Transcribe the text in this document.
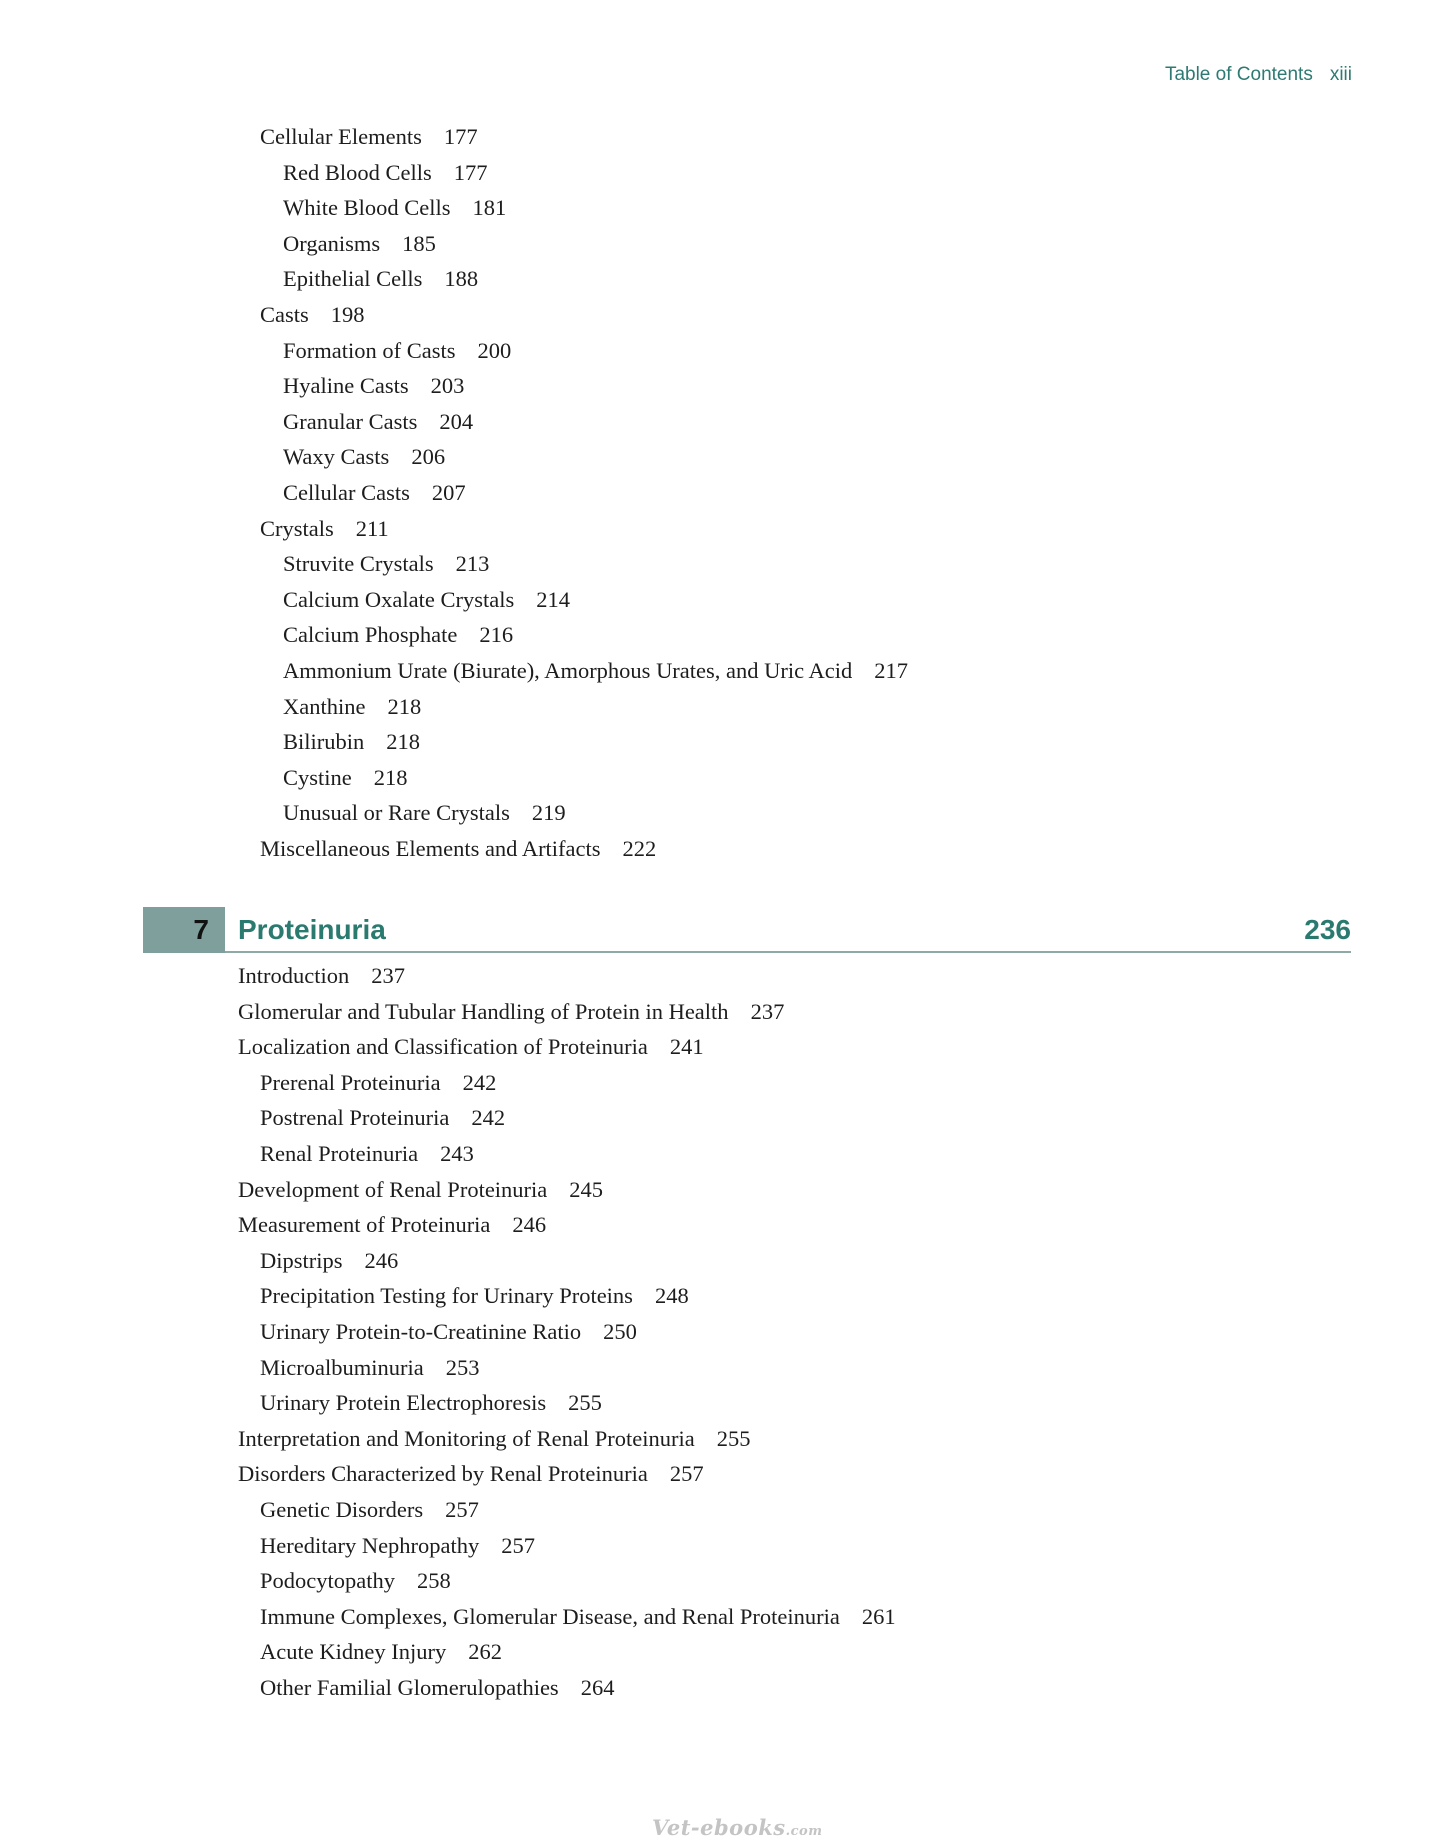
Table of Contents xiii
Cellular Elements 177
Red Blood Cells 177
White Blood Cells 181
Organisms 185
Epithelial Cells 188
Casts 198
Formation of Casts 200
Hyaline Casts 203
Granular Casts 204
Waxy Casts 206
Cellular Casts 207
Crystals 211
Struvite Crystals 213
Calcium Oxalate Crystals 214
Calcium Phosphate 216
Ammonium Urate (Biurate), Amorphous Urates, and Uric Acid 217
Xanthine 218
Bilirubin 218
Cystine 218
Unusual or Rare Crystals 219
Miscellaneous Elements and Artifacts 222
7 Proteinuria	236
Introduction 237
Glomerular and Tubular Handling of Protein in Health 237
Localization and Classification of Proteinuria 241
Prerenal Proteinuria 242
Postrenal Proteinuria 242
Renal Proteinuria 243
Development of Renal Proteinuria 245
Measurement of Proteinuria 246
Dipstrips 246
Precipitation Testing for Urinary Proteins 248
Urinary Protein-to-Creatinine Ratio 250
Microalbuminuria 253
Urinary Protein Electrophoresis 255
Interpretation and Monitoring of Renal Proteinuria 255
Disorders Characterized by Renal Proteinuria 257
Genetic Disorders 257
Hereditary Nephropathy 257
Podocytopathy 258
Immune Complexes, Glomerular Disease, and Renal Proteinuria 261
Acute Kidney Injury 262
Other Familial Glomerulopathies 264
Vet-ebooks.com
